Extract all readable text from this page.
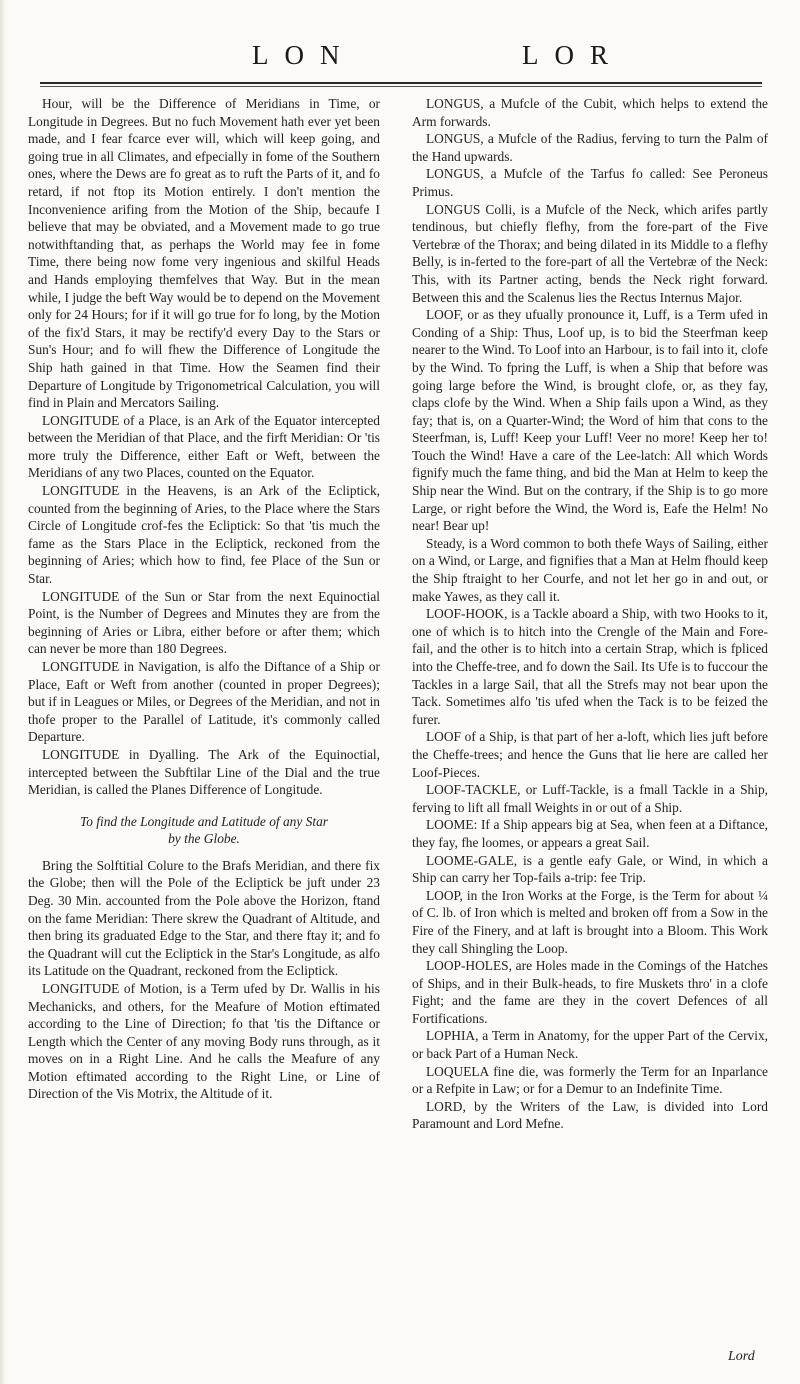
LON	LOR

Hour, will be the Difference of Meridians in Time, or Longitude in Degrees. But no fuch Movement hath ever yet been made, and I fear fcarce ever will, which will keep going, and going true in all Climates, and efpecially in fome of the Southern ones, where the Dews are fo great as to ruft the Parts of it, and fo retard, if not ftop its Motion entirely. I don't mention the Inconvenience arifing from the Motion of the Ship, becaufe I believe that may be obviated, and a Movement made to go true notwithftanding that, as perhaps the World may fee in fome Time, there being now fome very ingenious and skilful Heads and Hands employing themfelves that Way. But in the mean while, I judge the beft Way would be to depend on the Movement only for 24 Hours; for if it will go true for fo long, by the Motion of the fix'd Stars, it may be rectify'd every Day to the Stars or Sun's Hour; and fo will fhew the Difference of Longitude the Ship hath gained in that Time. How the Seamen find their Departure of Longitude by Trigonometrical Calculation, you will find in Plain and Mercators Sailing.

LONGITUDE of a Place, is an Ark of the Equator intercepted between the Meridian of that Place, and the firft Meridian: Or 'tis more truly the Difference, either Eaft or Weft, between the Meridians of any two Places, counted on the Equator.

LONGITUDE in the Heavens, is an Ark of the Ecliptick, counted from the beginning of Aries, to the Place where the Stars Circle of Longitude crof-fes the Ecliptick: So that 'tis much the fame as the Stars Place in the Ecliptick, reckoned from the beginning of Aries; which how to find, fee Place of the Sun or Star.

LONGITUDE of the Sun or Star from the next Equinoctial Point, is the Number of Degrees and Minutes they are from the beginning of Aries or Libra, either before or after them; which can never be more than 180 Degrees.

LONGITUDE in Navigation, is alfo the Diftance of a Ship or Place, Eaft or Weft from another (counted in proper Degrees); but if in Leagues or Miles, or Degrees of the Meridian, and not in thofe proper to the Parallel of Latitude, it's commonly called Departure.

LONGITUDE in Dyalling. The Ark of the Equinoctial, intercepted between the Subftilar Line of the Dial and the true Meridian, is called the Planes Difference of Longitude.

To find the Longitude and Latitude of any Star
by the Globe.

Bring the Solftitial Colure to the Brafs Meridian, and there fix the Globe; then will the Pole of the Ecliptick be juft under 23 Deg. 30 Min. accounted from the Pole above the Horizon, ftand on the fame Meridian: There skrew the Quadrant of Altitude, and then bring its graduated Edge to the Star, and there ftay it; and fo the Quadrant will cut the Ecliptick in the Star's Longitude, as alfo its Latitude on the Quadrant, reckoned from the Ecliptick.

LONGITUDE of Motion, is a Term ufed by Dr. Wallis in his Mechanicks, and others, for the Meafure of Motion eftimated according to the Line of Direction; fo that 'tis the Diftance or Length which the Center of any moving Body runs through, as it moves on in a Right Line. And he calls the Meafure of any Motion eftimated according to the Right Line, or Line of Direction of the Vis Motrix, the Altitude of it.

LONGUS, a Mufcle of the Cubit, which helps to extend the Arm forwards.

LONGUS, a Mufcle of the Radius, ferving to turn the Palm of the Hand upwards.

LONGUS, a Mufcle of the Tarfus fo called: See Peroneus Primus.

LONGUS Colli, is a Mufcle of the Neck, which arifes partly tendinous, but chiefly flefhy, from the fore-part of the Five Vertebræ of the Thorax; and being dilated in its Middle to a flefhy Belly, is in-ferted to the fore-part of all the Vertebræ of the Neck: This, with its Partner acting, bends the Neck right forward. Between this and the Scalenus lies the Rectus Internus Major.

LOOF, or as they ufually pronounce it, Luff, is a Term ufed in Conding of a Ship: Thus, Loof up, is to bid the Steerfman keep nearer to the Wind. To Loof into an Harbour, is to fail into it, clofe by the Wind. To fpring the Luff, is when a Ship that before was going large before the Wind, is brought clofe, or, as they fay, claps clofe by the Wind. When a Ship fails upon a Wind, as they fay; that is, on a Quarter-Wind; the Word of him that cons to the Steerfman, is, Luff! Keep your Luff! Veer no more! Keep her to! Touch the Wind! Have a care of the Lee-latch: All which Words fignify much the fame thing, and bid the Man at Helm to keep the Ship near the Wind. But on the contrary, if the Ship is to go more Large, or right before the Wind, the Word is, Eafe the Helm! No near! Bear up!

Steady, is a Word common to both thefe Ways of Sailing, either on a Wind, or Large, and fignifies that a Man at Helm fhould keep the Ship ftraight to her Courfe, and not let her go in and out, or make Yawes, as they call it.

LOOF-HOOK, is a Tackle aboard a Ship, with two Hooks to it, one of which is to hitch into the Crengle of the Main and Fore-fail, and the other is to hitch into a certain Strap, which is fpliced into the Cheffe-tree, and fo down the Sail. Its Ufe is to fuccour the Tackles in a large Sail, that all the Strefs may not bear upon the Tack. Sometimes alfo 'tis ufed when the Tack is to be feized the furer.

LOOF of a Ship, is that part of her a-loft, which lies juft before the Cheffe-trees; and hence the Guns that lie here are called her Loof-Pieces.

LOOF-TACKLE, or Luff-Tackle, is a fmall Tackle in a Ship, ferving to lift all fmall Weights in or out of a Ship.

LOOME: If a Ship appears big at Sea, when feen at a Diftance, they fay, fhe loomes, or appears a great Sail.

LOOME-GALE, is a gentle eafy Gale, or Wind, in which a Ship can carry her Top-fails a-trip: fee Trip.

LOOP, in the Iron Works at the Forge, is the Term for about ¼ of C. lb. of Iron which is melted and broken off from a Sow in the Fire of the Finery, and at laft is brought into a Bloom. This Work they call Shingling the Loop.

LOOP-HOLES, are Holes made in the Comings of the Hatches of Ships, and in their Bulk-heads, to fire Muskets thro' in a clofe Fight; and the fame are they in the covert Defences of all Fortifications.

LOPHIA, a Term in Anatomy, for the upper Part of the Cervix, or back Part of a Human Neck.

LOQUELA fine die, was formerly the Term for an Inparlance or a Refpite in Law; or for a Demur to an Indefinite Time.

LORD, by the Writers of the Law, is divided into Lord Paramount and Lord Mefne.

Lord
